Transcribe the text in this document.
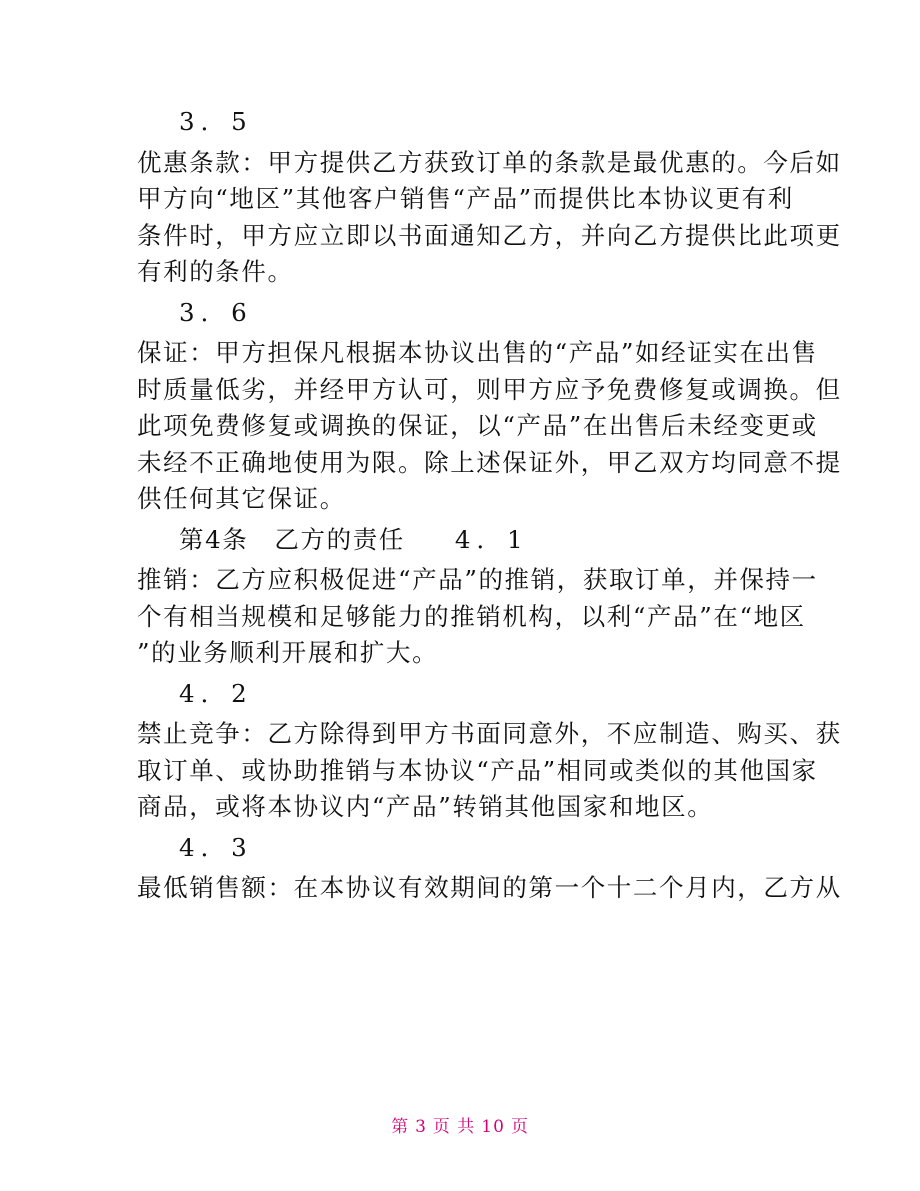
3．5
优惠条款：甲方提供乙方获致订单的条款是最优惠的。今后如
甲方向“地区”其他客户销售“产品”而提供比本协议更有利
条件时，甲方应立即以书面通知乙方，并向乙方提供比此项更
有利的条件。
3．6
保证：甲方担保凡根据本协议出售的“产品”如经证实在出售
时质量低劣，并经甲方认可，则甲方应予免费修复或调换。但
此项免费修复或调换的保证，以“产品”在出售后未经变更或
未经不正确地使用为限。除上述保证外，甲乙双方均同意不提
供任何其它保证。
第4条 乙方的责任 4．1
推销：乙方应积极促进“产品”的推销，获取订单，并保持一
个有相当规模和足够能力的推销机构，以利“产品”在“地区
”的业务顺利开展和扩大。
4．2
禁止竞争：乙方除得到甲方书面同意外，不应制造、购买、获
取订单、或协助推销与本协议“产品”相同或类似的其他国家
商品，或将本协议内“产品”转销其他国家和地区。
4．3
最低销售额：在本协议有效期间的第一个十二个月内，乙方从
第 3 页 共 10 页
